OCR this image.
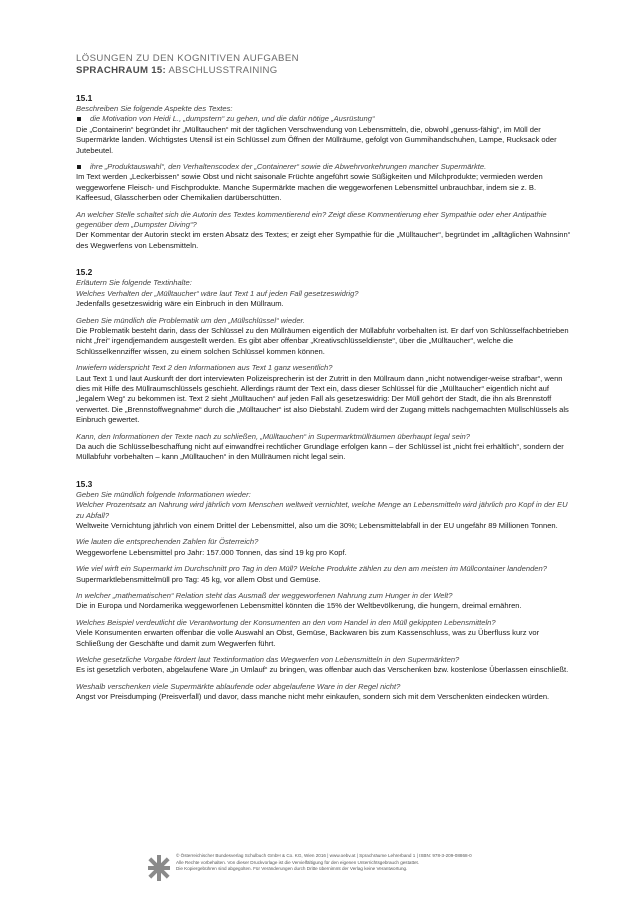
LÖSUNGEN ZU DEN KOGNITIVEN AUFGABEN
SPRACHRAUM 15: ABSCHLUSSTRAINING
15.1
Beschreiben Sie folgende Aspekte des Textes:
die Motivation von Heidi L., „dumpstern“ zu gehen, und die dafür nötige „Ausrüstung“
Die „Containerin“ begründet ihr „Mülltauchen“ mit der täglichen Verschwendung von Lebensmitteln, die, obwohl „genuss-fähig“, im Müll der Supermärkte landen. Wichtigstes Utensil ist ein Schlüssel zum Öffnen der Müllräume, gefolgt von Gummihandschuhen, Lampe, Rucksack oder Jutebeutel.
ihre „Produktauswahl“, den Verhaltenscodex der „Containerer“ sowie die Abwehrvorkehrungen mancher Supermärkte.
Im Text werden „Leckerbissen“ sowie Obst und nicht saisonale Früchte angeführt sowie Süßigkeiten und Milchprodukte; vermieden werden weggeworfene Fleisch- und Fischprodukte. Manche Supermärkte machen die weggeworfenen Lebensmittel unbrauchbar, indem sie z. B. Kaffeesud, Glasscherben oder Chemikalien darüberschütten.
An welcher Stelle schaltet sich die Autorin des Textes kommentierend ein? Zeigt diese Kommentierung eher Sympathie oder eher Antipathie gegenüber dem „Dumpster Diving“?
Der Kommentar der Autorin steckt im ersten Absatz des Textes; er zeigt eher Sympathie für die „Mülltaucher“, begründet im „alltäglichen Wahnsinn“ des Wegwerfens von Lebensmitteln.
15.2
Erläutern Sie folgende Textinhalte:
Welches Verhalten der „Mülltaucher“ wäre laut Text 1 auf jeden Fall gesetzeswidrig?
Jedenfalls gesetzeswidrig wäre ein Einbruch in den Müllraum.
Geben Sie mündlich die Problematik um den „Müllschlüssel“ wieder.
Die Problematik besteht darin, dass der Schlüssel zu den Müllräumen eigentlich der Müllabfuhr vorbehalten ist. Er darf von Schlüsselfachbetrieben nicht „frei“ irgendjemandem ausgestellt werden. Es gibt aber offenbar „Kreativschlüsseldienste“, über die „Mülltaucher“, welche die Schlüsselkennziffer wissen, zu einem solchen Schlüssel kommen können.
Inwiefern widerspricht Text 2 den Informationen aus Text 1 ganz wesentlich?
Laut Text 1 und laut Auskunft der dort interviewten Polizeisprecherin ist der Zutritt in den Müllraum dann „nicht notwendiger-weise strafbar“, wenn dies mit Hilfe des Müllraumschlüssels geschieht. Allerdings räumt der Text ein, dass dieser Schlüssel für die „Mülltaucher“ eigentlich nicht auf „legalem Weg“ zu bekommen ist. Text 2 sieht „Mülltauchen“ auf jeden Fall als gesetzeswidrig: Der Müll gehört der Stadt, die ihn als Brennstoff verwertet. Die „Brennstoffwegnahme“ durch die „Mülltaucher“ ist also Diebstahl. Zudem wird der Zugang mittels nachgemachten Müllschlüssels als Einbruch gewertet.
Kann, den Informationen der Texte nach zu schließen, „Mülltauchen“ in Supermarktmüllräumen überhaupt legal sein?
Da auch die Schlüsselbeschaffung nicht auf einwandfrei rechtlicher Grundlage erfolgen kann – der Schlüssel ist „nicht frei erhältlich“, sondern der Müllabfuhr vorbehalten – kann „Mülltauchen“ in den Müllräumen nicht legal sein.
15.3
Geben Sie mündlich folgende Informationen wieder:
Welcher Prozentsatz an Nahrung wird jährlich vom Menschen weltweit vernichtet, welche Menge an Lebensmitteln wird jährlich pro Kopf in der EU zu Abfall?
Weltweite Vernichtung jährlich von einem Drittel der Lebensmittel, also um die 30%; Lebensmittelabfall in der EU ungefähr 89 Millionen Tonnen.
Wie lauten die entsprechenden Zahlen für Österreich?
Weggeworfene Lebensmittel pro Jahr: 157.000 Tonnen, das sind 19 kg pro Kopf.
Wie viel wirft ein Supermarkt im Durchschnitt pro Tag in den Müll? Welche Produkte zählen zu den am meisten im Müllcontainer landenden?
Supermarktlebensmittelmüll pro Tag: 45 kg, vor allem Obst und Gemüse.
In welcher „mathematischen“ Relation steht das Ausmaß der weggeworfenen Nahrung zum Hunger in der Welt?
Die in Europa und Nordamerika weggeworfenen Lebensmittel könnten die 15% der Weltbevölkerung, die hungern, dreimal ernähren.
Welches Beispiel verdeutlicht die Verantwortung der Konsumenten an den vom Handel in den Müll gekippten Lebensmitteln?
Viele Konsumenten erwarten offenbar die volle Auswahl an Obst, Gemüse, Backwaren bis zum Kassenschluss, was zu Überfluss kurz vor Schließung der Geschäfte und damit zum Wegwerfen führt.
Welche gesetzliche Vorgabe fördert laut Textinformation das Wegwerfen von Lebensmitteln in den Supermärkten?
Es ist gesetzlich verboten, abgelaufene Ware „in Umlauf“ zu bringen, was offenbar auch das Verschenken bzw. kostenlose Überlassen einschließt.
Weshalb verschenken viele Supermärkte ablaufende oder abgelaufene Ware in der Regel nicht?
Angst vor Preisdumping (Preisverfall) und davor, dass manche nicht mehr einkaufen, sondern sich mit dem Verschenkten eindecken würden.
© Österreichischer Bundesverlag Schulbuch GmbH & Co. KG, Wien 2016 | www.oebv.at | Sprachräume Lehrerband 1 | ISBN: 978-3-209-08868-0
Alle Rechte vorbehalten. Von dieser Druckvorlage ist die Vervielfältigung für den eigenen Unterrichtsgebrauch gestattet.
Die Kopiergebühren sind abgegolten. Für Veränderungen durch Dritte übernimmt der Verlag keine Verantwortung.
